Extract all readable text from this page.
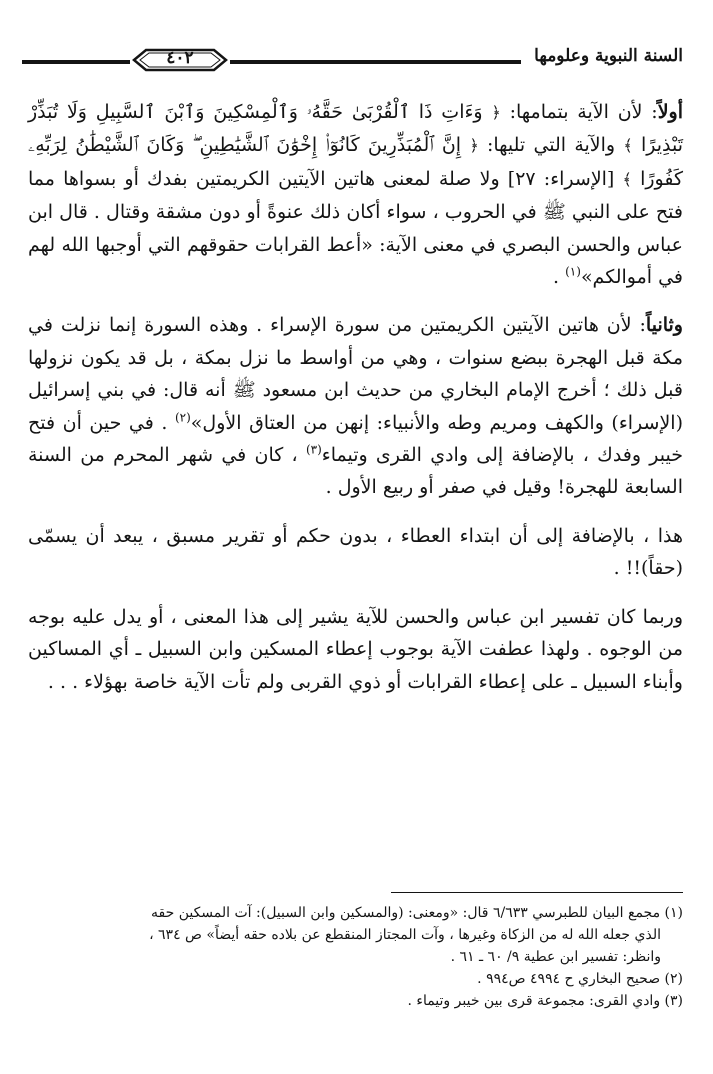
السنة النبوية وعلومها
٤٠٢

أولاً: لأن الآية بتمامها: ﴿ وَءَاتِ ذَا ٱلْقُرْبَىٰ حَقَّهُۥ وَٱلْمِسْكِينَ وَٱبْنَ ٱلسَّبِيلِ وَلَا تُبَذِّرْ تَبْذِيرًا ﴾ والآية التي تليها: ﴿ إِنَّ ٱلْمُبَذِّرِينَ كَانُوٓا۟ إِخْوَٰنَ ٱلشَّيَٰطِينِ ۖ وَكَانَ ٱلشَّيْطَٰنُ لِرَبِّهِۦ كَفُورًا ﴾ [الإسراء: ٢٧] ولا صلة لمعنى هاتين الآيتين الكريمتين بفدك أو بسواها مما فتح على النبي ﷺ في الحروب ، سواء أكان ذلك عنوةً أو دون مشقة وقتال . قال ابن عباس والحسن البصري في معنى الآية: «أعط القرابات حقوقهم التي أوجبها الله لهم في أموالكم»$^{(١)}$ .

وثانياً: لأن هاتين الآيتين الكريمتين من سورة الإسراء . وهذه السورة إنما نزلت في مكة قبل الهجرة ببضع سنوات ، وهي من أواسط ما نزل بمكة ، بل قد يكون نزولها قبل ذلك ؛ أخرج الإمام البخاري من حديث ابن مسعود ﷺ أنه قال: في بني إسرائيل (الإسراء) والكهف ومريم وطه والأنبياء: إنهن من العتاق الأول»$^{(٢)}$ . في حين أن فتح خيبر وفدك ، بالإضافة إلى وادي القرى وتيماء$^{(٣)}$ ، كان في شهر المحرم من السنة السابعة للهجرة! وقيل في صفر أو ربيع الأول .

هذا ، بالإضافة إلى أن ابتداء العطاء ، بدون حكم أو تقرير مسبق ، يبعد أن يسمّى (حقاً)!! .

وربما كان تفسير ابن عباس والحسن للآية يشير إلى هذا المعنى ، أو يدل عليه بوجه من الوجوه . ولهذا عطفت الآية بوجوب إعطاء المسكين وابن السبيل ـ أي المساكين وأبناء السبيل ـ على إعطاء القرابات أو ذوي القربى ولم تأت الآية خاصة بهؤلاء . . .

(١) مجمع البيان للطبرسي ٦/٦٣٣ قال: «ومعنى: (والمسكين وابن السبيل): آت المسكين حقه

الذي جعله الله له من الزكاة وغيرها ، وآت المجتاز المنقطع عن بلاده حقه أيضاً» ص ٦٣٤ ،

وانظر: تفسير ابن عطية ٩/ ٦٠ ـ ٦١ .

(٢) صحيح البخاري ح ٤٩٩٤ ص٩٩٤ .

(٣) وادي القرى: مجموعة قرى بين خيبر وتيماء .
